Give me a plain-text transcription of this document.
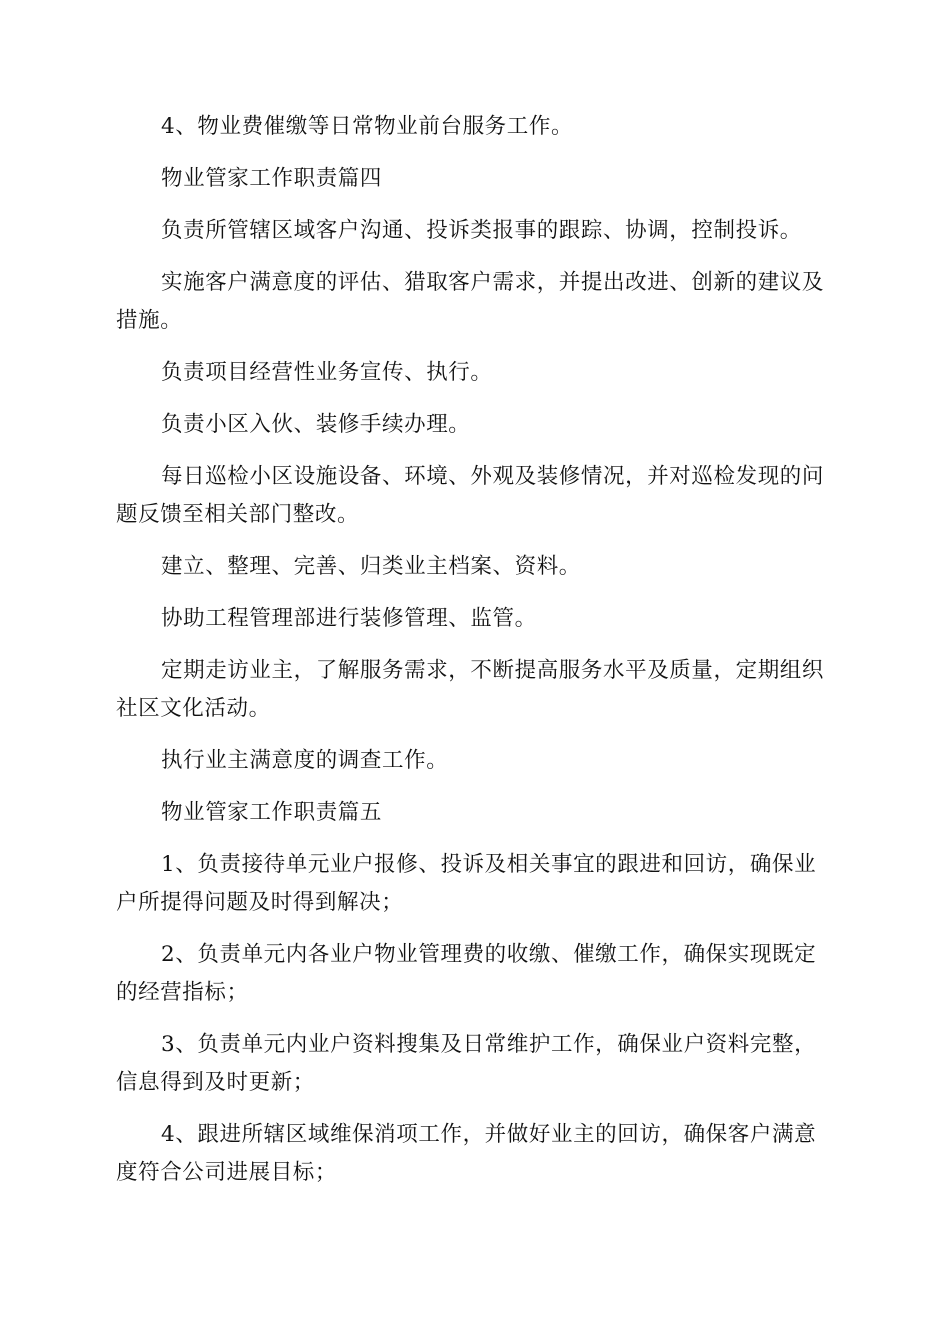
4、物业费催缴等日常物业前台服务工作。

物业管家工作职责篇四

负责所管辖区域客户沟通、投诉类报事的跟踪、协调，控制投诉。

实施客户满意度的评估、猎取客户需求，并提出改进、创新的建议及措施。

负责项目经营性业务宣传、执行。

负责小区入伙、装修手续办理。

每日巡检小区设施设备、环境、外观及装修情况，并对巡检发现的问题反馈至相关部门整改。

建立、整理、完善、归类业主档案、资料。

协助工程管理部进行装修管理、监管。

定期走访业主，了解服务需求，不断提高服务水平及质量，定期组织社区文化活动。

执行业主满意度的调查工作。

物业管家工作职责篇五

1、负责接待单元业户报修、投诉及相关事宜的跟进和回访，确保业户所提得问题及时得到解决；

2、负责单元内各业户物业管理费的收缴、催缴工作，确保实现既定的经营指标；

3、负责单元内业户资料搜集及日常维护工作，确保业户资料完整，信息得到及时更新；

4、跟进所辖区域维保消项工作，并做好业主的回访，确保客户满意度符合公司进展目标；
